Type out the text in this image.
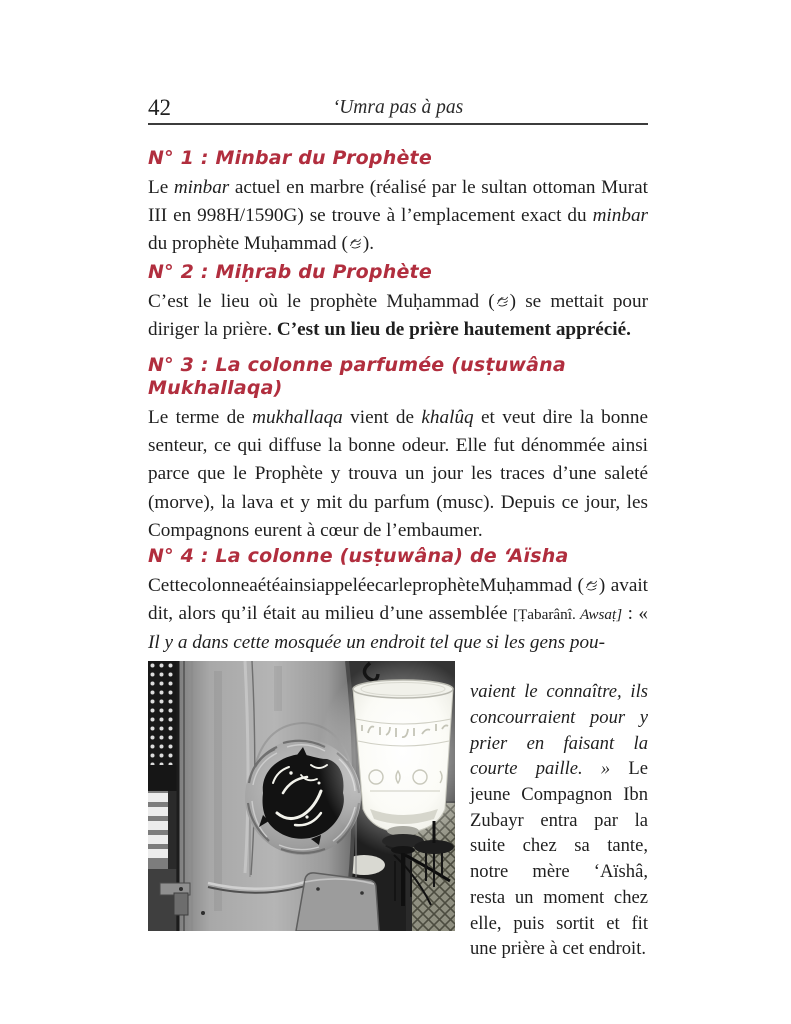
42	‘Umra pas à pas
N° 1 : Minbar du Prophète

Le minbar actuel en marbre (réalisé par le sultan ottoman Murat III en 998H/1590G) se trouve à l’emplacement exact du minbar du prophète Muḥammad ( ).

N° 2 : Miḥrab du Prophète

C’est le lieu où le prophète Muḥammad ( ) se mettait pour diriger la prière. C’est un lieu de prière hautement apprécié.

N° 3 : La colonne parfumée (usṭuwâna Mukhallaqa)

Le terme de mukhallaqa vient de khalûq et veut dire la bonne senteur, ce qui diffuse la bonne odeur. Elle fut dénommée ainsi parce que le Prophète y trouva un jour les traces d’une saleté (morve), la lava et y mit du parfum (musc). Depuis ce jour, les Compagnons eurent à cœur de l’embaumer.

N° 4 : La colonne (usṭuwâna) de ‘Aïsha

CettecolonneaétéainsiappeléecarleprophèteMuḥammad ( ) avait dit, alors qu’il était au milieu d’une assemblée [Ṭabarânî. Awsaṭ] : « Il y a dans cette mosquée un endroit tel que si les gens pou-

vaient le connaître, ils concourraient pour y prier en faisant la courte paille. » Le jeune Compagnon Ibn Zubayr entra par la suite chez sa tante, notre mère ‘Aïshâ, resta un moment chez elle, puis sortit et fit une prière à cet endroit.
